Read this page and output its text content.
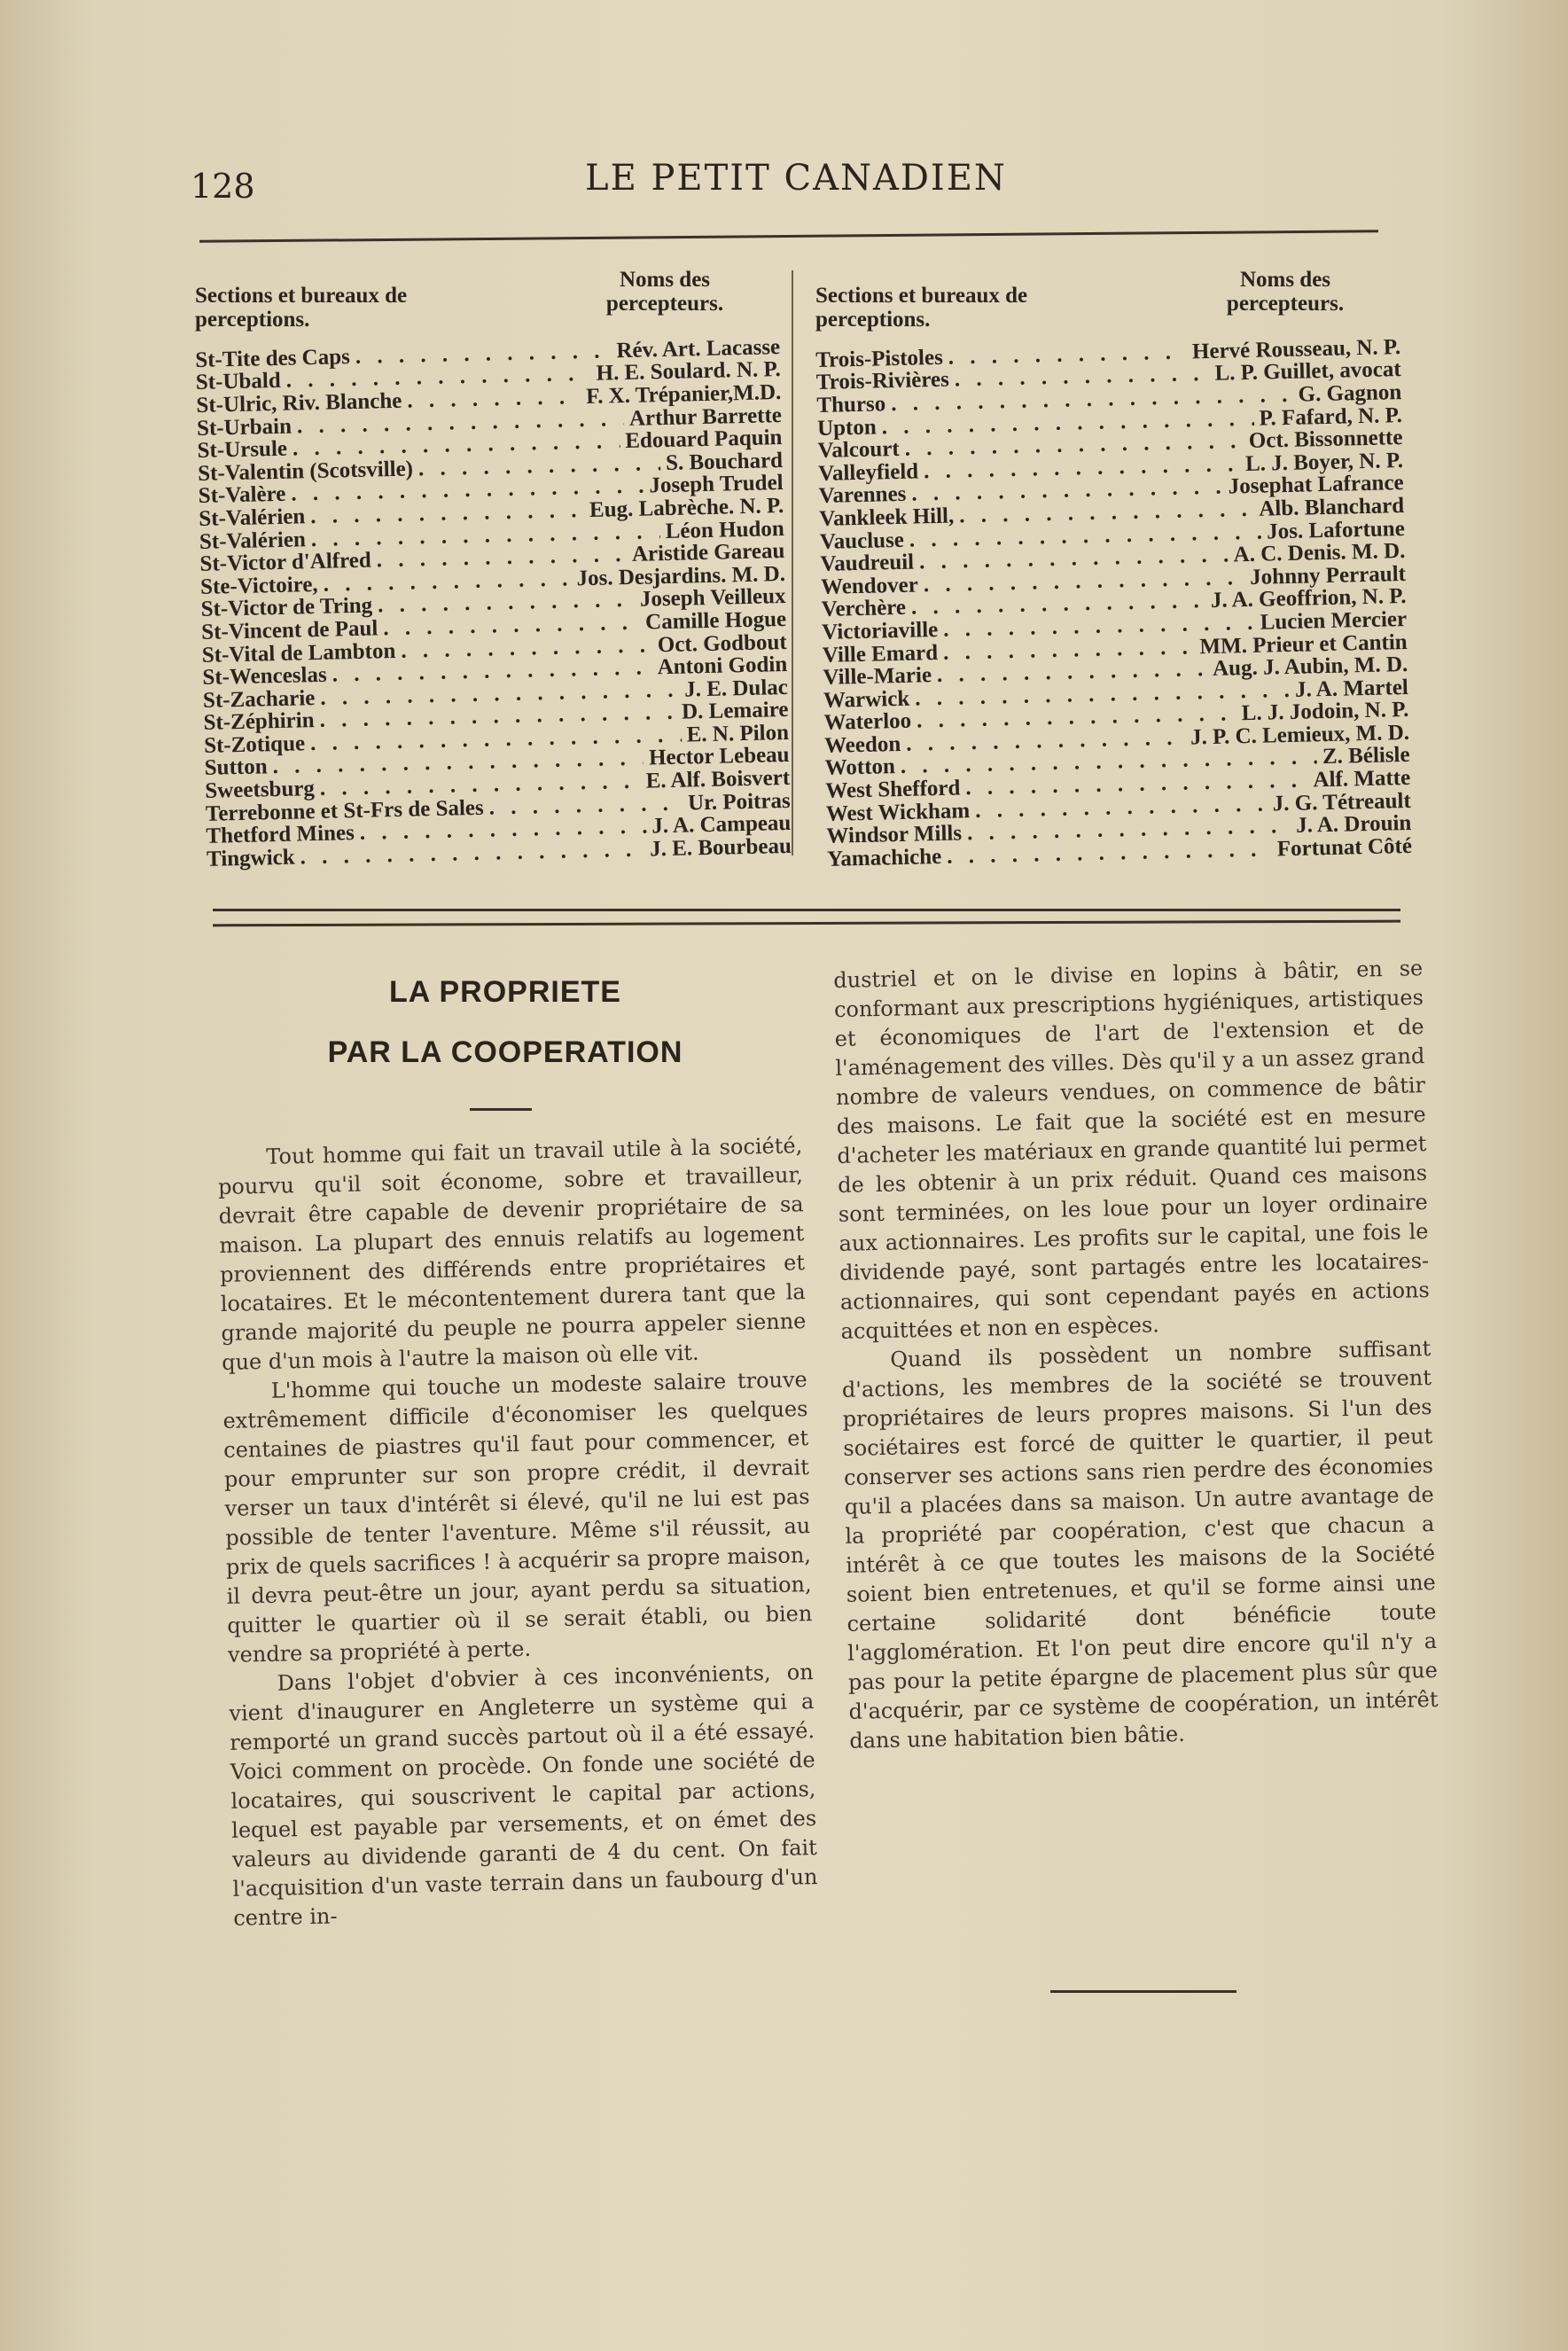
128	LE PETIT CANADIEN
Sections et bureaux de perceptions.
Noms des percepteurs.
St-Tite des Caps . . .	Rév. Art. Lacasse
St-Ubald . . .	H. E. Soulard. N. P.
St-Ulric, Riv. Blanche . . .	F. X. Trépanier,M.D.
St-Urbain . . .	Arthur Barrette
St-Ursule . . .	Edouard Paquin
St-Valentin (Scotsville) . . .	S. Bouchard
St-Valère . . .	Joseph Trudel
St-Valérien . . .	Eug. Labrèche. N. P.
St-Valérien . . .	Léon Hudon
St-Victor d'Alfred . . .	Aristide Gareau
Ste-Victoire, . . .	Jos. Desjardins. M. D.
St-Victor de Tring . . .	Joseph Veilleux
St-Vincent de Paul . . .	Camille Hogue
St-Vital de Lambton . . .	Oct. Godbout
St-Wenceslas . . .	Antoni Godin
St-Zacharie . . .	J. E. Dulac
St-Zéphirin . . .	D. Lemaire
St-Zotique . . .	E. N. Pilon
Sutton . . .	Hector Lebeau
Sweetsburg . . .	E. Alf. Boisvert
Terrebonne et St-Frs de Sales . . .	Ur. Poitras
Thetford Mines . . .	J. A. Campeau
Tingwick . . .	J. E. Bourbeau
Sections et bureaux de perceptions.
Noms des percepteurs.
Trois-Pistoles . . .	Hervé Rousseau, N. P.
Trois-Rivières . . .	L. P. Guillet, avocat
Thurso . . .	G. Gagnon
Upton . . .	P. Fafard, N. P.
Valcourt . . .	Oct. Bissonnette
Valleyfield . . .	L. J. Boyer, N. P.
Varennes . . .	Josephat Lafrance
Vankleek Hill, . . .	Alb. Blanchard
Vaucluse . . .	Jos. Lafortune
Vaudreuil . . .	A. C. Denis. M. D.
Wendover . . .	Johnny Perrault
Verchère . . .	J. A. Geoffrion, N. P.
Victoriaville . . .	Lucien Mercier
Ville Emard . . .	MM. Prieur et Cantin
Ville-Marie . . .	Aug. J. Aubin, M. D.
Warwick . . .	J. A. Martel
Waterloo . . .	L. J. Jodoin, N. P.
Weedon . . .	J. P. C. Lemieux, M. D.
Wotton . . .	Z. Bélisle
West Shefford . . .	Alf. Matte
West Wickham . . .	J. G. Tétreault
Windsor Mills . . .	J. A. Drouin
Yamachiche . . .	Fortunat Côté
LA PROPRIETE
PAR LA COOPERATION

Tout homme qui fait un travail utile à la société, pourvu qu'il soit économe, sobre et travailleur, devrait être capable de devenir propriétaire de sa maison. La plupart des ennuis relatifs au logement proviennent des différends entre propriétaires et locataires. Et le mécontentement durera tant que la grande majorité du peuple ne pourra appeler sienne que d'un mois à l'autre la maison où elle vit.

L'homme qui touche un modeste salaire trouve extrêmement difficile d'économiser les quelques centaines de piastres qu'il faut pour commencer, et pour emprunter sur son propre crédit, il devrait verser un taux d'intérêt si élevé, qu'il ne lui est pas possible de tenter l'aventure. Même s'il réussit, au prix de quels sacrifices ! à acquérir sa propre maison, il devra peut-être un jour, ayant perdu sa situation, quitter le quartier où il se serait établi, ou bien vendre sa propriété à perte.

Dans l'objet d'obvier à ces inconvénients, on vient d'inaugurer en Angleterre un système qui a remporté un grand succès partout où il a été essayé. Voici comment on procède. On fonde une société de locataires, qui souscrivent le capital par actions, lequel est payable par versements, et on émet des valeurs au dividende garanti de 4 du cent. On fait l'acquisition d'un vaste terrain dans un faubourg d'un centre in-

dustriel et on le divise en lopins à bâtir, en se conformant aux prescriptions hygiéniques, artistiques et économiques de l'art de l'extension et de l'aménagement des villes. Dès qu'il y a un assez grand nombre de valeurs vendues, on commence de bâtir des maisons. Le fait que la société est en mesure d'acheter les matériaux en grande quantité lui permet de les obtenir à un prix réduit. Quand ces maisons sont terminées, on les loue pour un loyer ordinaire aux actionnaires. Les profits sur le capital, une fois le dividende payé, sont partagés entre les locataires-actionnaires, qui sont cependant payés en actions acquittées et non en espèces.

Quand ils possèdent un nombre suffisant d'actions, les membres de la société se trouvent propriétaires de leurs propres maisons. Si l'un des sociétaires est forcé de quitter le quartier, il peut conserver ses actions sans rien perdre des économies qu'il a placées dans sa maison. Un autre avantage de la propriété par coopération, c'est que chacun a intérêt à ce que toutes les maisons de la Société soient bien entretenues, et qu'il se forme ainsi une certaine solidarité dont bénéficie toute l'agglomération. Et l'on peut dire encore qu'il n'y a pas pour la petite épargne de placement plus sûr que d'acquérir, par ce système de coopération, un intérêt dans une habitation bien bâtie.
